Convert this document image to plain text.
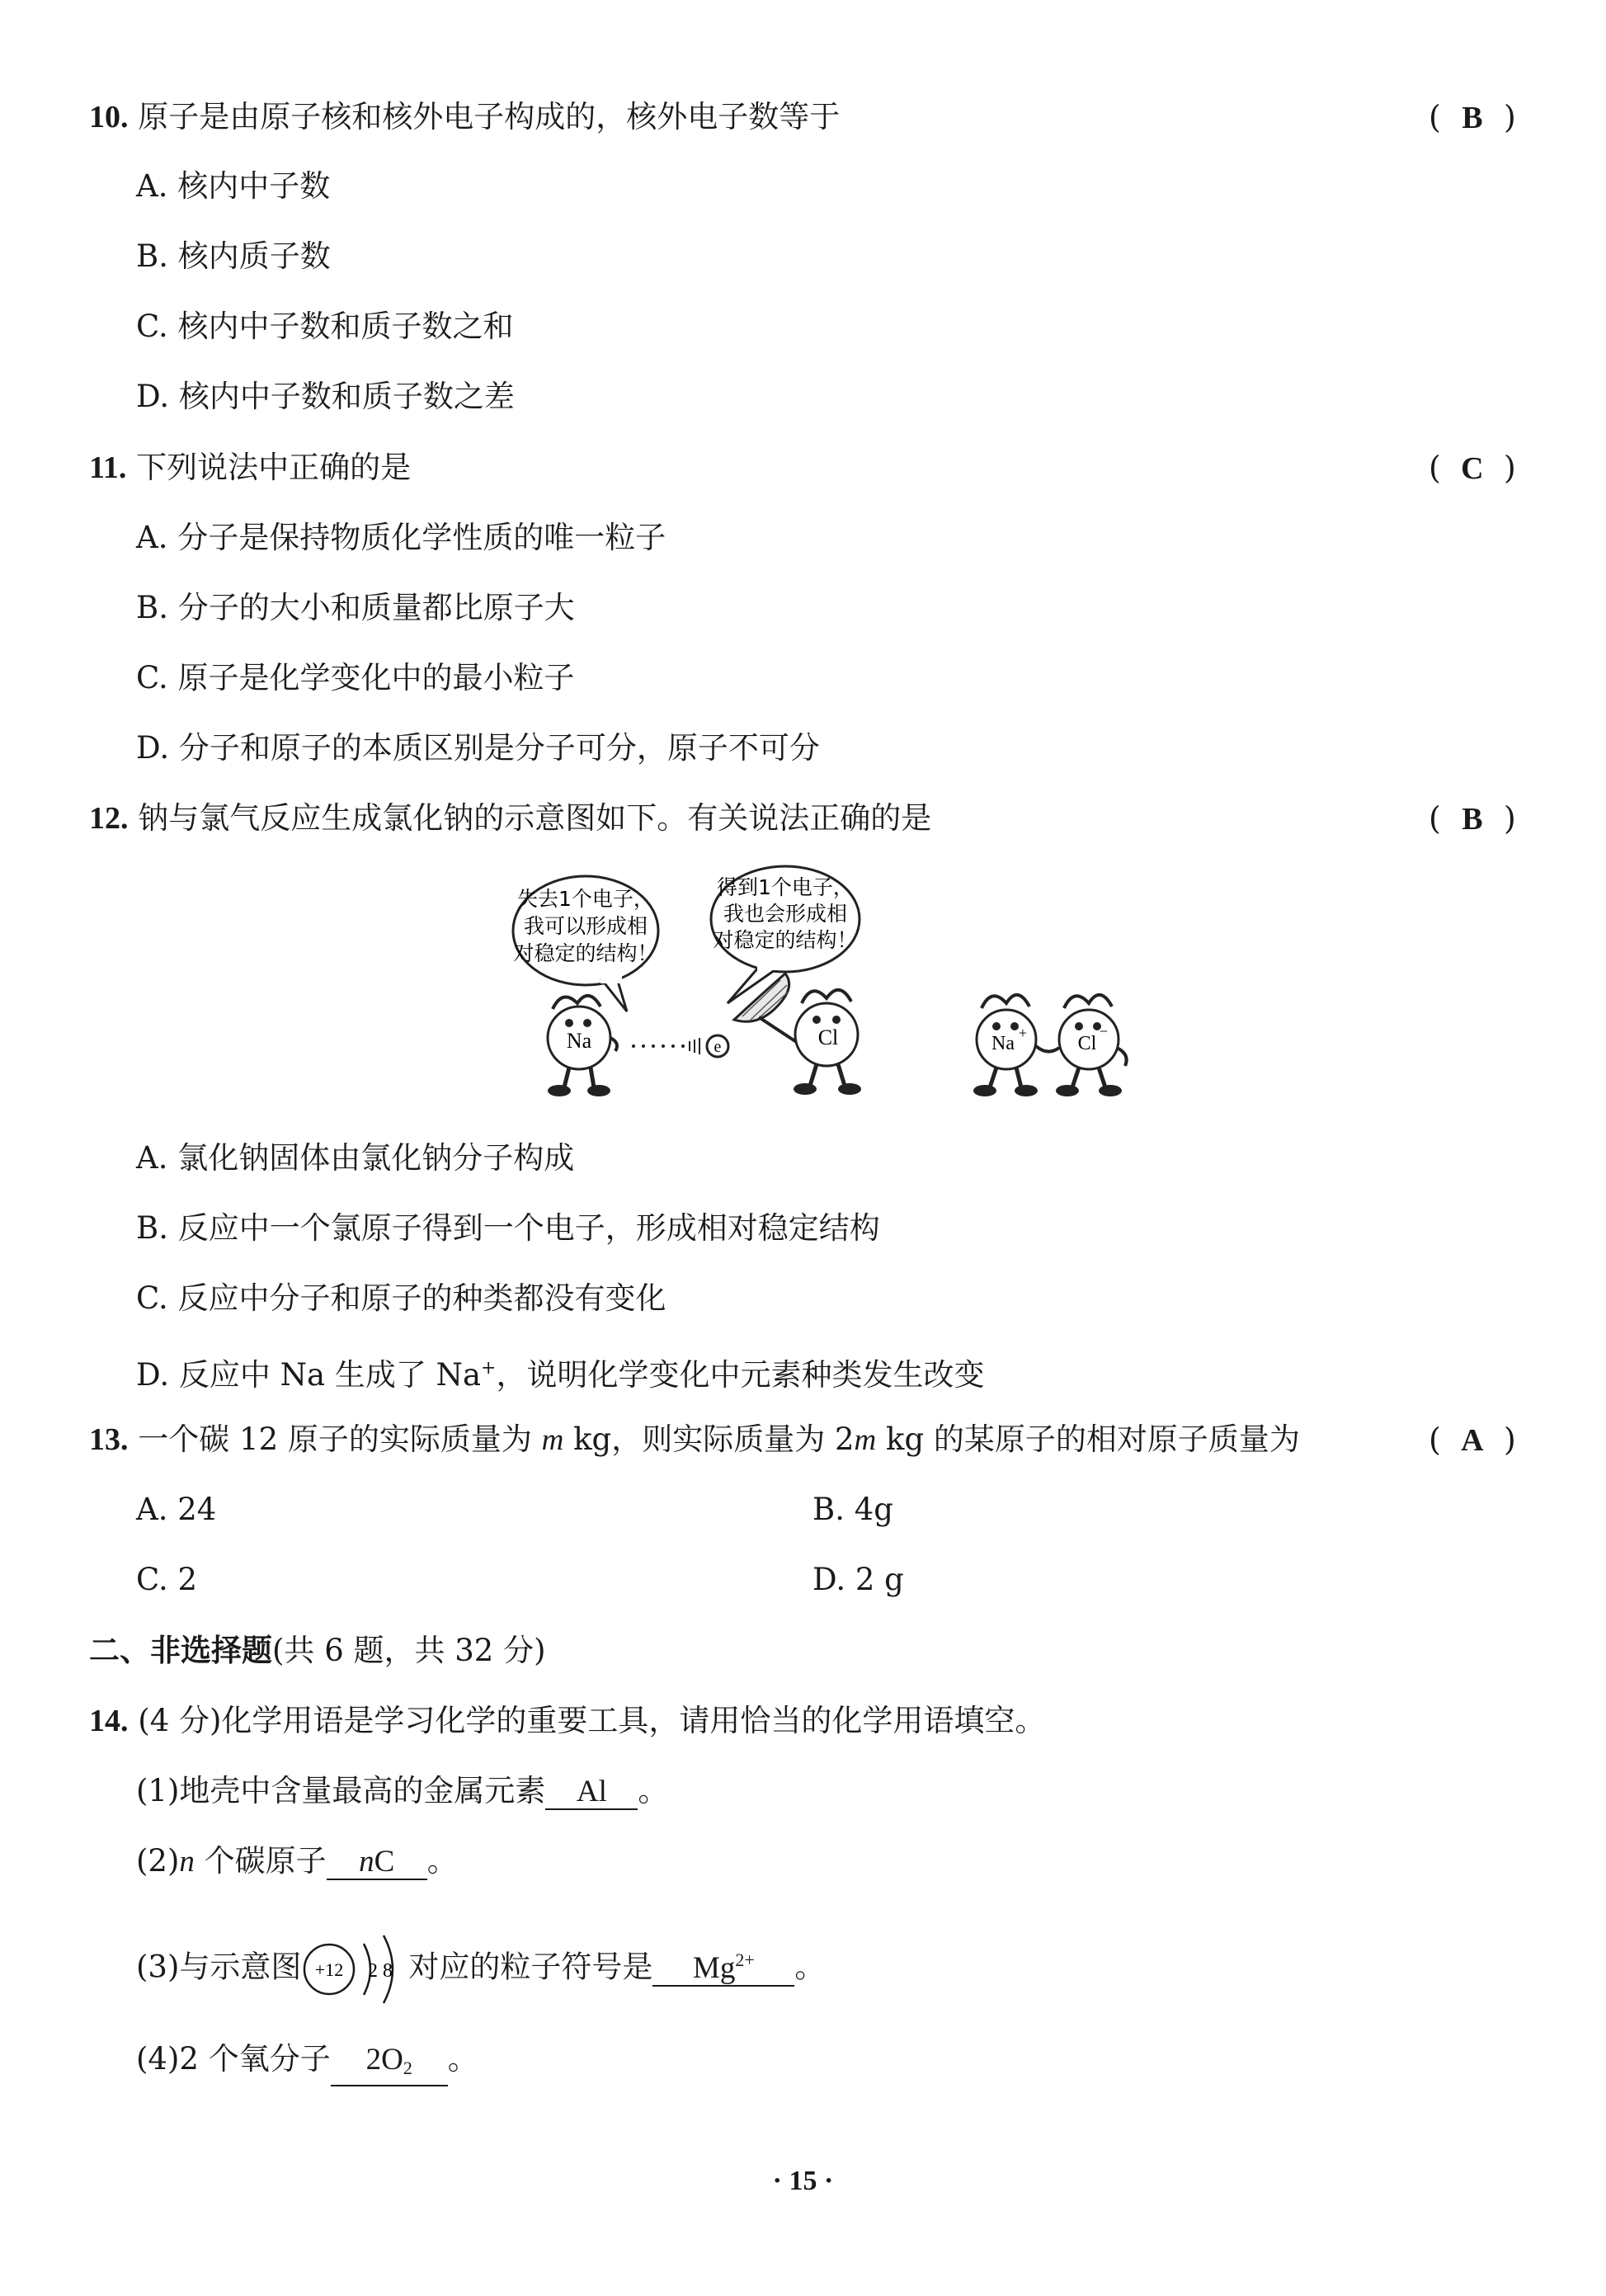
10. 原子是由原子核和核外电子构成的，核外电子数等于	( B )
A. 核内中子数
B. 核内质子数
C. 核内中子数和质子数之和
D. 核内中子数和质子数之差
11. 下列说法中正确的是	( C )
A. 分子是保持物质化学性质的唯一粒子
B. 分子的大小和质量都比原子大
C. 原子是化学变化中的最小粒子
D. 分子和原子的本质区别是分子可分，原子不可分
12. 钠与氯气反应生成氯化钠的示意图如下。有关说法正确的是	( B )
失去1个电子，
我可以形成相
对稳定的结构！
得到1个电子，
我也会形成相
对稳定的结构！
Na	e	Cl	Na +	Cl
−
A. 氯化钠固体由氯化钠分子构成
B. 反应中一个氯原子得到一个电子，形成相对稳定结构
C. 反应中分子和原子的种类都没有变化
D. 反应中 Na 生成了 Na+，说明化学变化中元素种类发生改变
13. 一个碳 12 原子的实际质量为 m kg，则实际质量为 2m kg 的某原子的相对原子质量为	( A )
A. 24	B. 4g
C. 2	D. 2 g
二、非选择题(共 6 题，共 32 分)
14. (4 分)化学用语是学习化学的重要工具，请用恰当的化学用语填空。
(1)地壳中含量最高的金属元素 Al 。
(2)n 个碳原子 nC 。
(3)与示意图 +12 2 8 对应的粒子符号是 $Mg^{2+}$ 。
(4)2 个氧分子 $2O_2$ 。
· 15 ·
